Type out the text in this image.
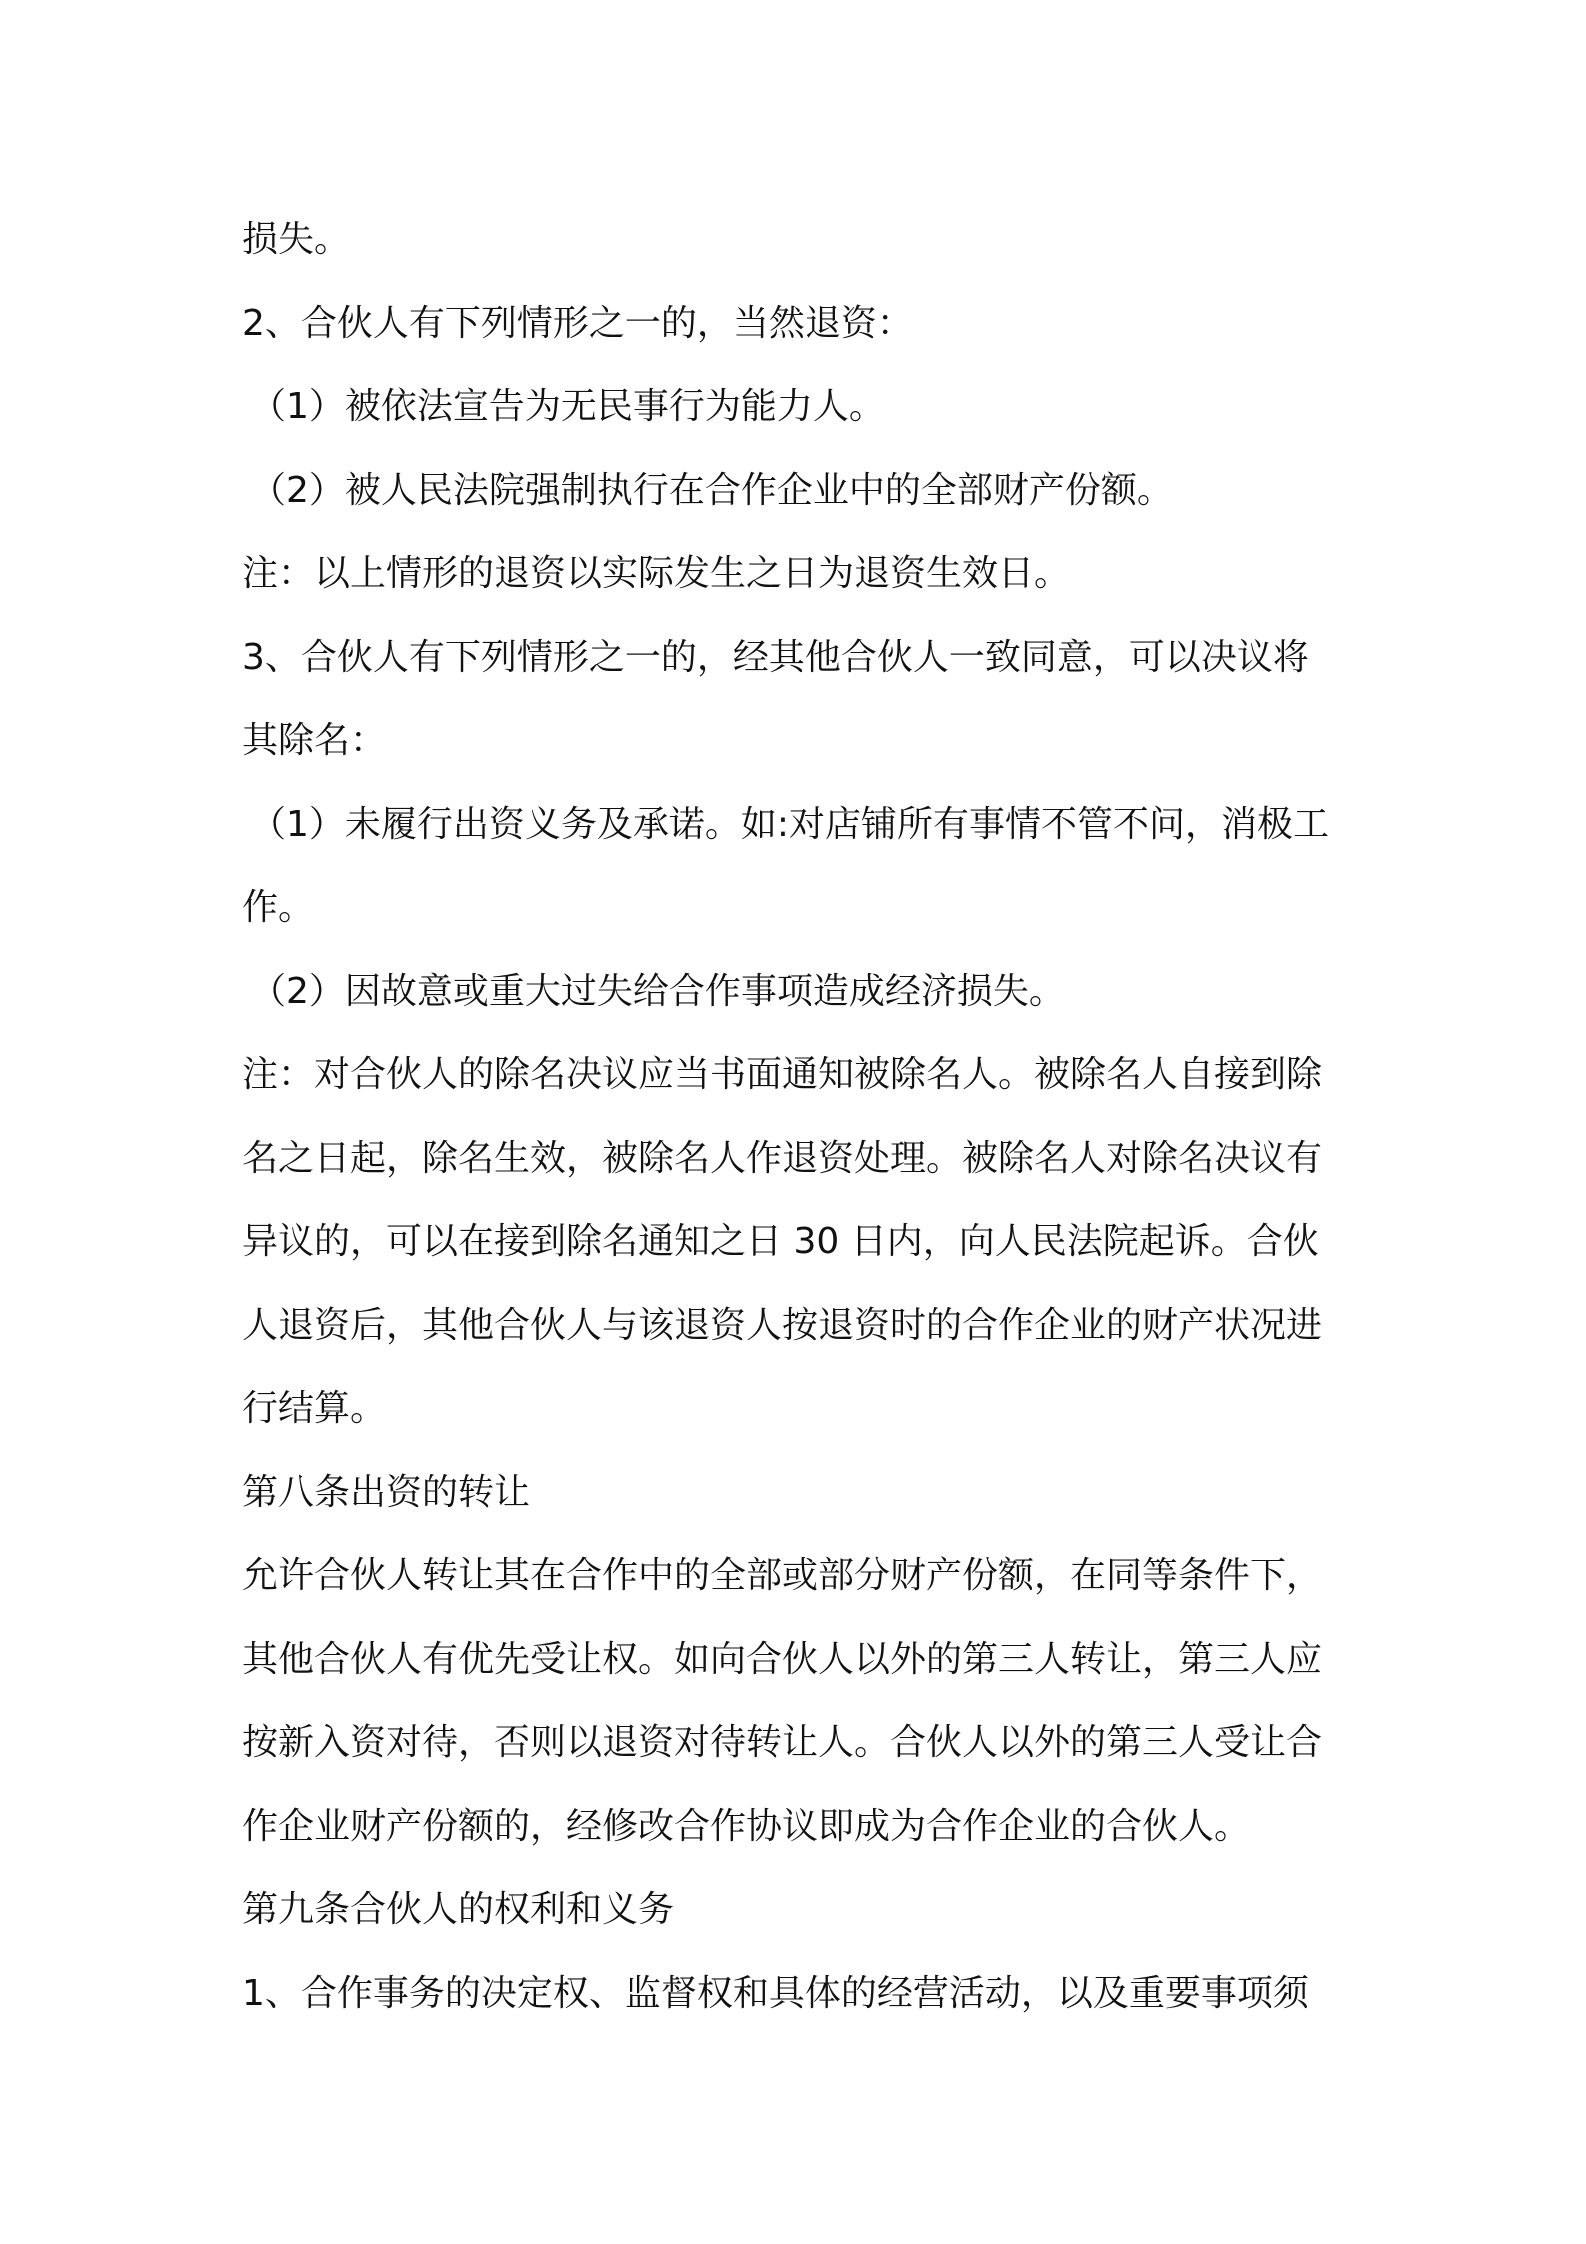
损失。
2、合伙人有下列情形之一的，当然退资：
（1）被依法宣告为无民事行为能力人。
（2）被人民法院强制执行在合作企业中的全部财产份额。
注：以上情形的退资以实际发生之日为退资生效日。
3、合伙人有下列情形之一的，经其他合伙人一致同意，可以决议将
其除名：
（1）未履行出资义务及承诺。如:对店铺所有事情不管不问，消极工
作。
（2）因故意或重大过失给合作事项造成经济损失。
注：对合伙人的除名决议应当书面通知被除名人。被除名人自接到除
名之日起，除名生效，被除名人作退资处理。被除名人对除名决议有
异议的，可以在接到除名通知之日 30 日内，向人民法院起诉。合伙
人退资后，其他合伙人与该退资人按退资时的合作企业的财产状况进
行结算。
第八条出资的转让
允许合伙人转让其在合作中的全部或部分财产份额，在同等条件下，
其他合伙人有优先受让权。如向合伙人以外的第三人转让，第三人应
按新入资对待，否则以退资对待转让人。合伙人以外的第三人受让合
作企业财产份额的，经修改合作协议即成为合作企业的合伙人。
第九条合伙人的权利和义务
1、合作事务的决定权、监督权和具体的经营活动，以及重要事项须
